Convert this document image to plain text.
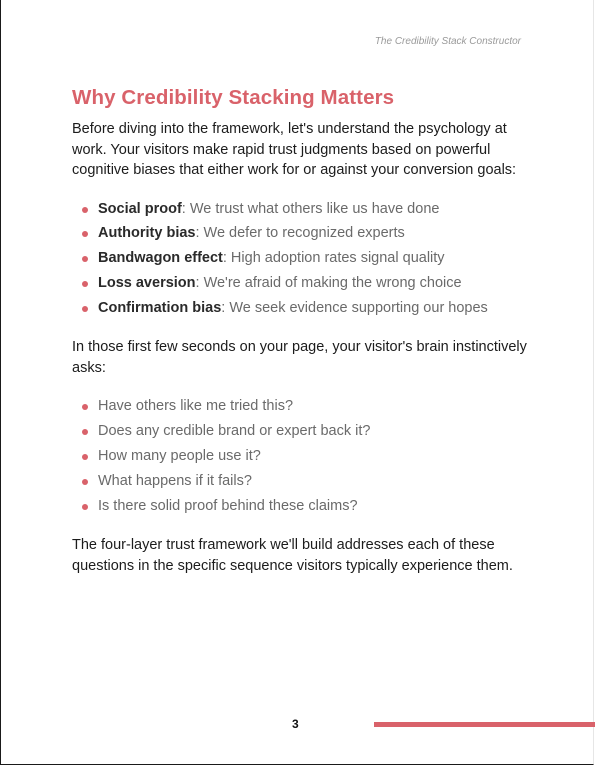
The Credibility Stack Constructor
Why Credibility Stacking Matters

Before diving into the framework, let's understand the psychology at work. Your visitors make rapid trust judgments based on powerful cognitive biases that either work for or against your conversion goals:

Social proof: We trust what others like us have done
Authority bias: We defer to recognized experts
Bandwagon effect: High adoption rates signal quality
Loss aversion: We're afraid of making the wrong choice
Confirmation bias: We seek evidence supporting our hopes

In those first few seconds on your page, your visitor's brain instinctively asks:

Have others like me tried this?
Does any credible brand or expert back it?
How many people use it?
What happens if it fails?
Is there solid proof behind these claims?

The four-layer trust framework we'll build addresses each of these questions in the specific sequence visitors typically experience them.

3
